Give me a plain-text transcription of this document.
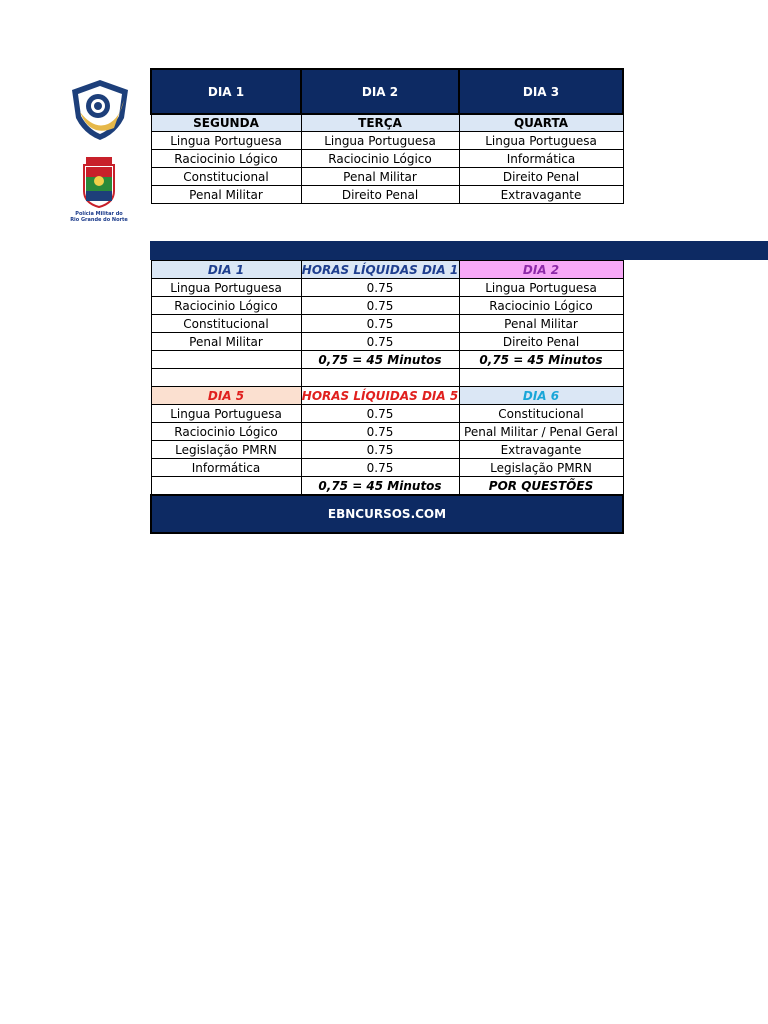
Polícia Militar do
Rio Grande do Norte
DIA 1	DIA 2	DIA 3
SEGUNDA	TERÇA	QUARTA
Lingua Portuguesa	Lingua Portuguesa	Lingua Portuguesa
Raciocinio Lógico	Raciocinio Lógico	Informática
Constitucional	Penal Militar	Direito Penal
Penal Militar	Direito Penal	Extravagante
DIA 1	HORAS LÍQUIDAS DIA 1	DIA 2
Lingua Portuguesa	0.75	Lingua Portuguesa
Raciocinio Lógico	0.75	Raciocinio Lógico
Constitucional	0.75	Penal Militar
Penal Militar	0.75	Direito Penal
	0,75 = 45 Minutos	0,75 = 45 Minutos

DIA 5	HORAS LÍQUIDAS DIA 5	DIA 6
Lingua Portuguesa	0.75	Constitucional
Raciocinio Lógico	0.75	Penal Militar / Penal Geral
Legislação PMRN	0.75	Extravagante
Informática	0.75	Legislação PMRN
	0,75 = 45 Minutos	POR QUESTÕES
EBNCURSOS.COM		
